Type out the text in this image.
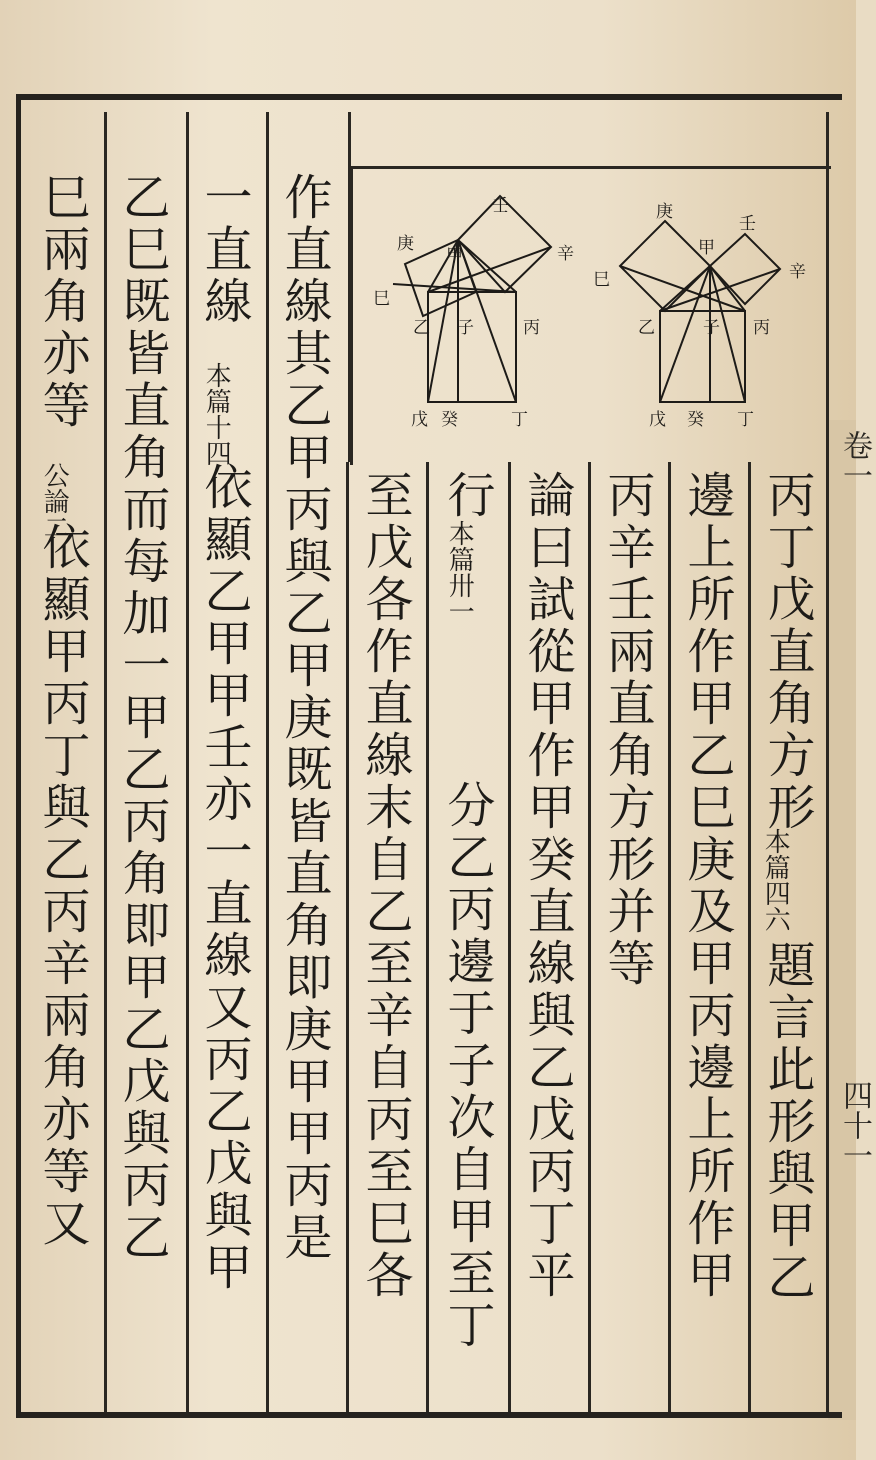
卷一
四十一
壬
庚
甲	辛
巳
乙 子	丙
戊 癸	丁
庚
壬
甲
辛
巳
乙	子 丙
戊 癸 丁
丙丁戊直角方形
本篇四六
題言此形與甲乙
邊上所作甲乙巳庚及甲丙邊上所作甲
丙辛壬兩直角方形并等
論曰試從甲作甲癸直線與乙戊丙丁平
行
本篇卅一
分乙丙邊于子次自甲至丁
至戊各作直線末自乙至辛自丙至巳各
作直線其乙甲丙與乙甲庚既皆直角即庚甲甲丙是
一直線
本篇十四
依顯乙甲甲壬亦一直線又丙乙戊與甲
乙巳既皆直角而每加一甲乙丙角即甲乙戊與丙乙
巳兩角亦等
公論二
依顯甲丙丁與乙丙辛兩角亦等又
